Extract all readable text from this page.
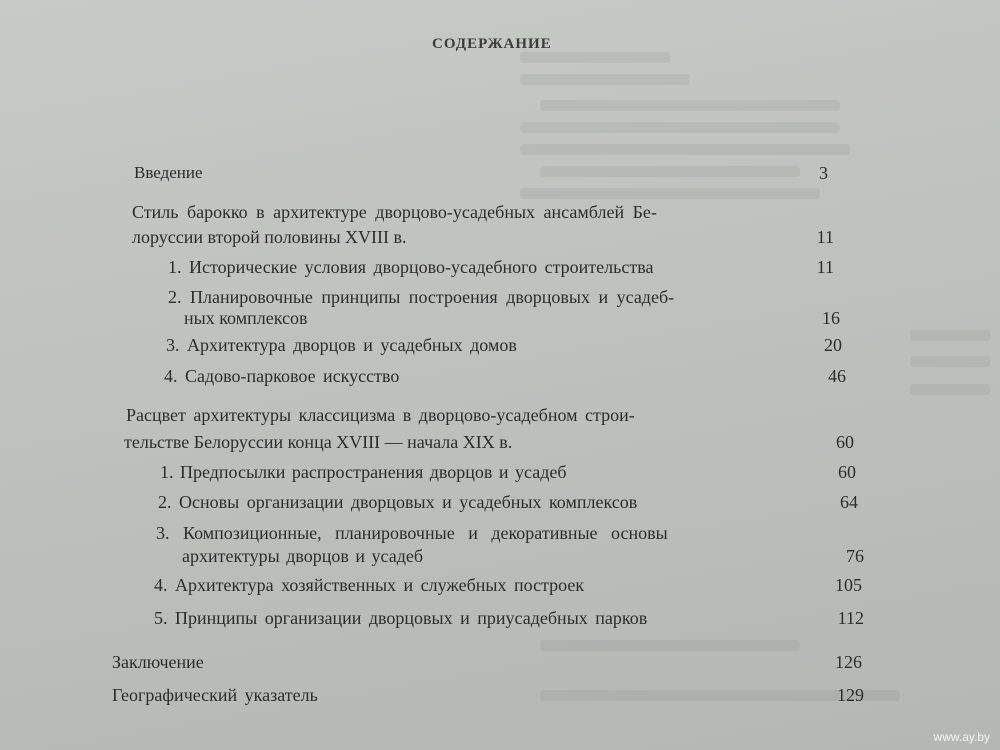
СОДЕРЖАНИЕ
Введение	3
Стиль барокко в архитектуре дворцово-усадебных ансамблей Бе-
лоруссии второй половины XVIII в.	11
1. Исторические условия дворцово-усадебного строительства	11
2. Планировочные принципы построения дворцовых и усадеб-
ных комплексов	16
3. Архитектура дворцов и усадебных домов	20
4. Садово-парковое искусство	46
Расцвет архитектуры классицизма в дворцово-усадебном строи-
тельстве Белоруссии конца XVIII — начала XIX в.	60
1. Предпосылки распространения дворцов и усадеб	60
2. Основы организации дворцовых и усадебных комплексов	64
3. Композиционные, планировочные и декоративные основы
архитектуры дворцов и усадеб	76
4. Архитектура хозяйственных и служебных построек	105
5. Принципы организации дворцовых и приусадебных парков	112
Заключение	126
Географический указатель	129
www.ay.by
